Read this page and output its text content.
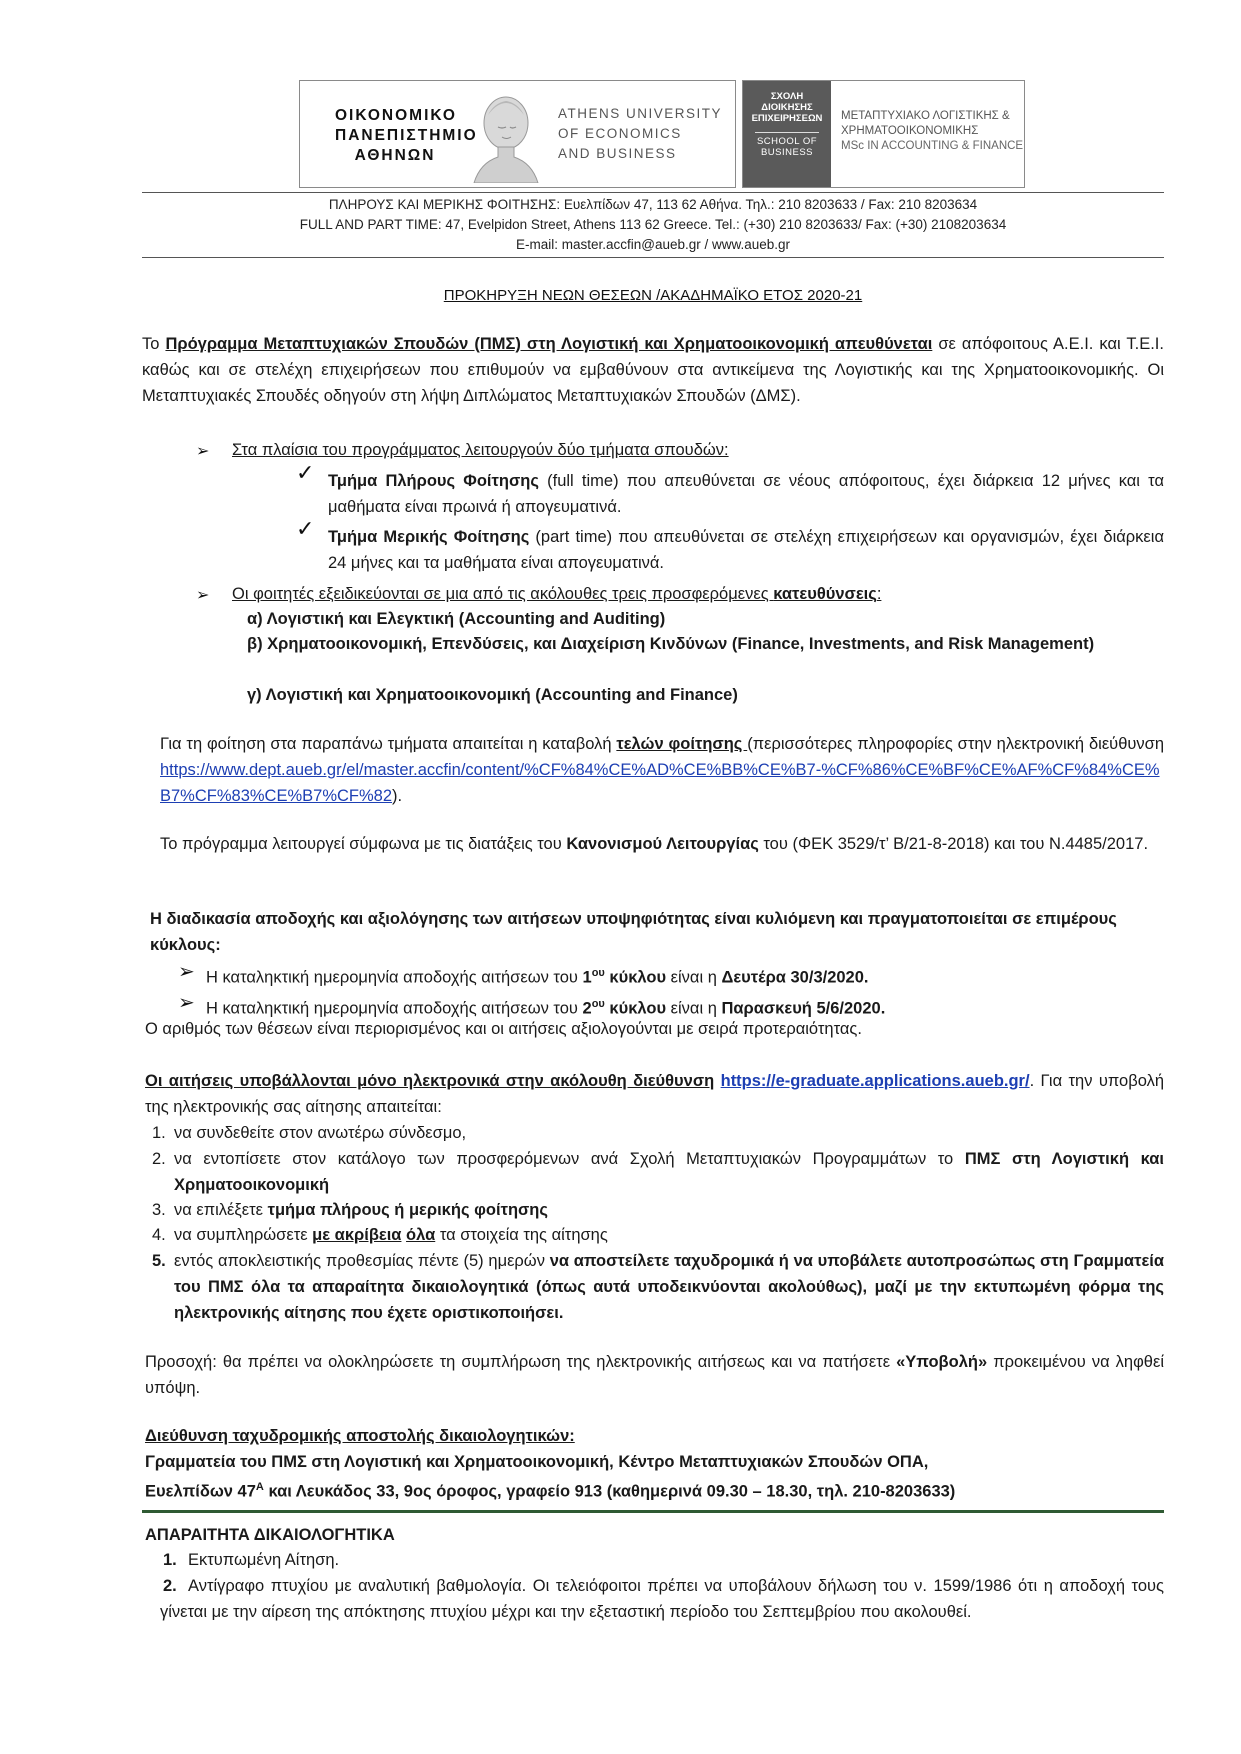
ΟΙΚΟΝΟΜΙΚΟ
ΠΑΝΕΠΙΣΤΗΜΙΟ
ΑΘΗΝΩΝ
ATHENS UNIVERSITY
OF ECONOMICS
AND BUSINESS
ΣΧΟΛΗ
ΔΙΟΙΚΗΣΗΣ
ΕΠΙΧΕΙΡΗΣΕΩΝ
SCHOOL OF
BUSINESS
ΜΕΤΑΠΤΥΧΙΑΚΟ ΛΟΓΙΣΤΙΚΗΣ &
ΧΡΗΜΑΤΟΟΙΚΟΝΟΜΙΚΗΣ
MSc IN ACCOUNTING & FINANCE
ΠΛΗΡΟΥΣ ΚΑΙ ΜΕΡΙΚΗΣ ΦΟΙΤΗΣΗΣ: Ευελπίδων 47, 113 62 Αθήνα. Τηλ.: 210 8203633 / Fax: 210 8203634
FULL AND PART TIME: 47, Evelpidon Street, Athens 113 62 Greece. Tel.: (+30) 210 8203633/ Fax: (+30) 2108203634
E-mail: master.accfin@aueb.gr / www.aueb.gr
ΠΡΟΚΗΡΥΞΗ ΝΕΩΝ ΘΕΣΕΩΝ /ΑΚΑΔΗΜΑΪΚΟ ΕΤΟΣ 2020-21
Το Πρόγραμμα Μεταπτυχιακών Σπουδών (ΠΜΣ) στη Λογιστική και Χρηματοοικονομική απευθύνεται σε απόφοιτους Α.Ε.Ι. και Τ.Ε.Ι. καθώς και σε στελέχη επιχειρήσεων που επιθυμούν να εμβαθύνουν στα αντικείμενα της Λογιστικής και της Χρηματοοικονομικής. Οι Μεταπτυχιακές Σπουδές οδηγούν στη λήψη Διπλώματος Μεταπτυχιακών Σπουδών (ΔΜΣ).
➢ Στα πλαίσια του προγράμματος λειτουργούν δύο τμήματα σπουδών:
✓ Τμήμα Πλήρους Φοίτησης (full time) που απευθύνεται σε νέους απόφοιτους, έχει διάρκεια 12 μήνες και τα μαθήματα είναι πρωινά ή απογευματινά.
✓ Τμήμα Μερικής Φοίτησης (part time) που απευθύνεται σε στελέχη επιχειρήσεων και οργανισμών, έχει διάρκεια 24 μήνες και τα μαθήματα είναι απογευματινά.
➢ Οι φοιτητές εξειδικεύονται σε μια από τις ακόλουθες τρεις προσφερόμενες κατευθύνσεις:
α) Λογιστική και Ελεγκτική (Accounting and Auditing)
β) Χρηματοοικονομική, Επενδύσεις, και Διαχείριση Κινδύνων (Finance, Investments, and Risk Management)
γ) Λογιστική και Χρηματοοικονομική (Accounting and Finance)
Για τη φοίτηση στα παραπάνω τμήματα απαιτείται η καταβολή τελών φοίτησης (περισσότερες πληροφορίες στην ηλεκτρονική διεύθυνση https://www.dept.aueb.gr/el/master.accfin/content/%CF%84%CE%AD%CE%BB%CE%B7-%CF%86%CE%BF%CE%AF%CF%84%CE%B7%CF%83%CE%B7%CF%82).
Το πρόγραμμα λειτουργεί σύμφωνα με τις διατάξεις του Κανονισμού Λειτουργίας του (ΦΕΚ 3529/τ’ Β/21-8-2018) και του Ν.4485/2017.
Η διαδικασία αποδοχής και αξιολόγησης των αιτήσεων υποψηφιότητας είναι κυλιόμενη και πραγματοποιείται σε επιμέρους κύκλους:
➢ Η καταληκτική ημερομηνία αποδοχής αιτήσεων του $1^{o\upsilon}$ κύκλου είναι η Δευτέρα 30/3/2020.
➢ Η καταληκτική ημερομηνία αποδοχής αιτήσεων του $2^{o\upsilon}$ κύκλου είναι η Παρασκευή 5/6/2020.
Ο αριθμός των θέσεων είναι περιορισμένος και οι αιτήσεις αξιολογούνται με σειρά προτεραιότητας.
Οι αιτήσεις υποβάλλονται μόνο ηλεκτρονικά στην ακόλουθη διεύθυνση https://e-graduate.applications.aueb.gr/. Για την υποβολή της ηλεκτρονικής σας αίτησης απαιτείται:
1. να συνδεθείτε στον ανωτέρω σύνδεσμο,
2. να εντοπίσετε στον κατάλογο των προσφερόμενων ανά Σχολή Μεταπτυχιακών Προγραμμάτων το ΠΜΣ στη Λογιστική και Χρηματοοικονομική
3. να επιλέξετε τμήμα πλήρους ή μερικής φοίτησης
4. να συμπληρώσετε με ακρίβεια όλα τα στοιχεία της αίτησης
5. εντός αποκλειστικής προθεσμίας πέντε (5) ημερών να αποστείλετε ταχυδρομικά ή να υποβάλετε αυτοπροσώπως στη Γραμματεία του ΠΜΣ όλα τα απαραίτητα δικαιολογητικά (όπως αυτά υποδεικνύονται ακολούθως), μαζί με την εκτυπωμένη φόρμα της ηλεκτρονικής αίτησης που έχετε οριστικοποιήσει.
Προσοχή: θα πρέπει να ολοκληρώσετε τη συμπλήρωση της ηλεκτρονικής αιτήσεως και να πατήσετε «Υποβολή» προκειμένου να ληφθεί υπόψη.
Διεύθυνση ταχυδρομικής αποστολής δικαιολογητικών:
Γραμματεία του ΠΜΣ στη Λογιστική και Χρηματοοικονομική, Κέντρο Μεταπτυχιακών Σπουδών ΟΠΑ,
Ευελπίδων $47^A$ και Λευκάδος 33, 9ος όροφος, γραφείο 913 (καθημερινά 09.30 – 18.30, τηλ. 210-8203633)
ΑΠΑΡΑΙΤΗΤΑ ΔΙΚΑΙΟΛΟΓΗΤΙΚΑ
1. Εκτυπωμένη Αίτηση.
2. Αντίγραφο πτυχίου με αναλυτική βαθμολογία. Οι τελειόφοιτοι πρέπει να υποβάλουν δήλωση του ν. 1599/1986 ότι η αποδοχή τους γίνεται με την αίρεση της απόκτησης πτυχίου μέχρι και την εξεταστική περίοδο του Σεπτεμβρίου που ακολουθεί.
